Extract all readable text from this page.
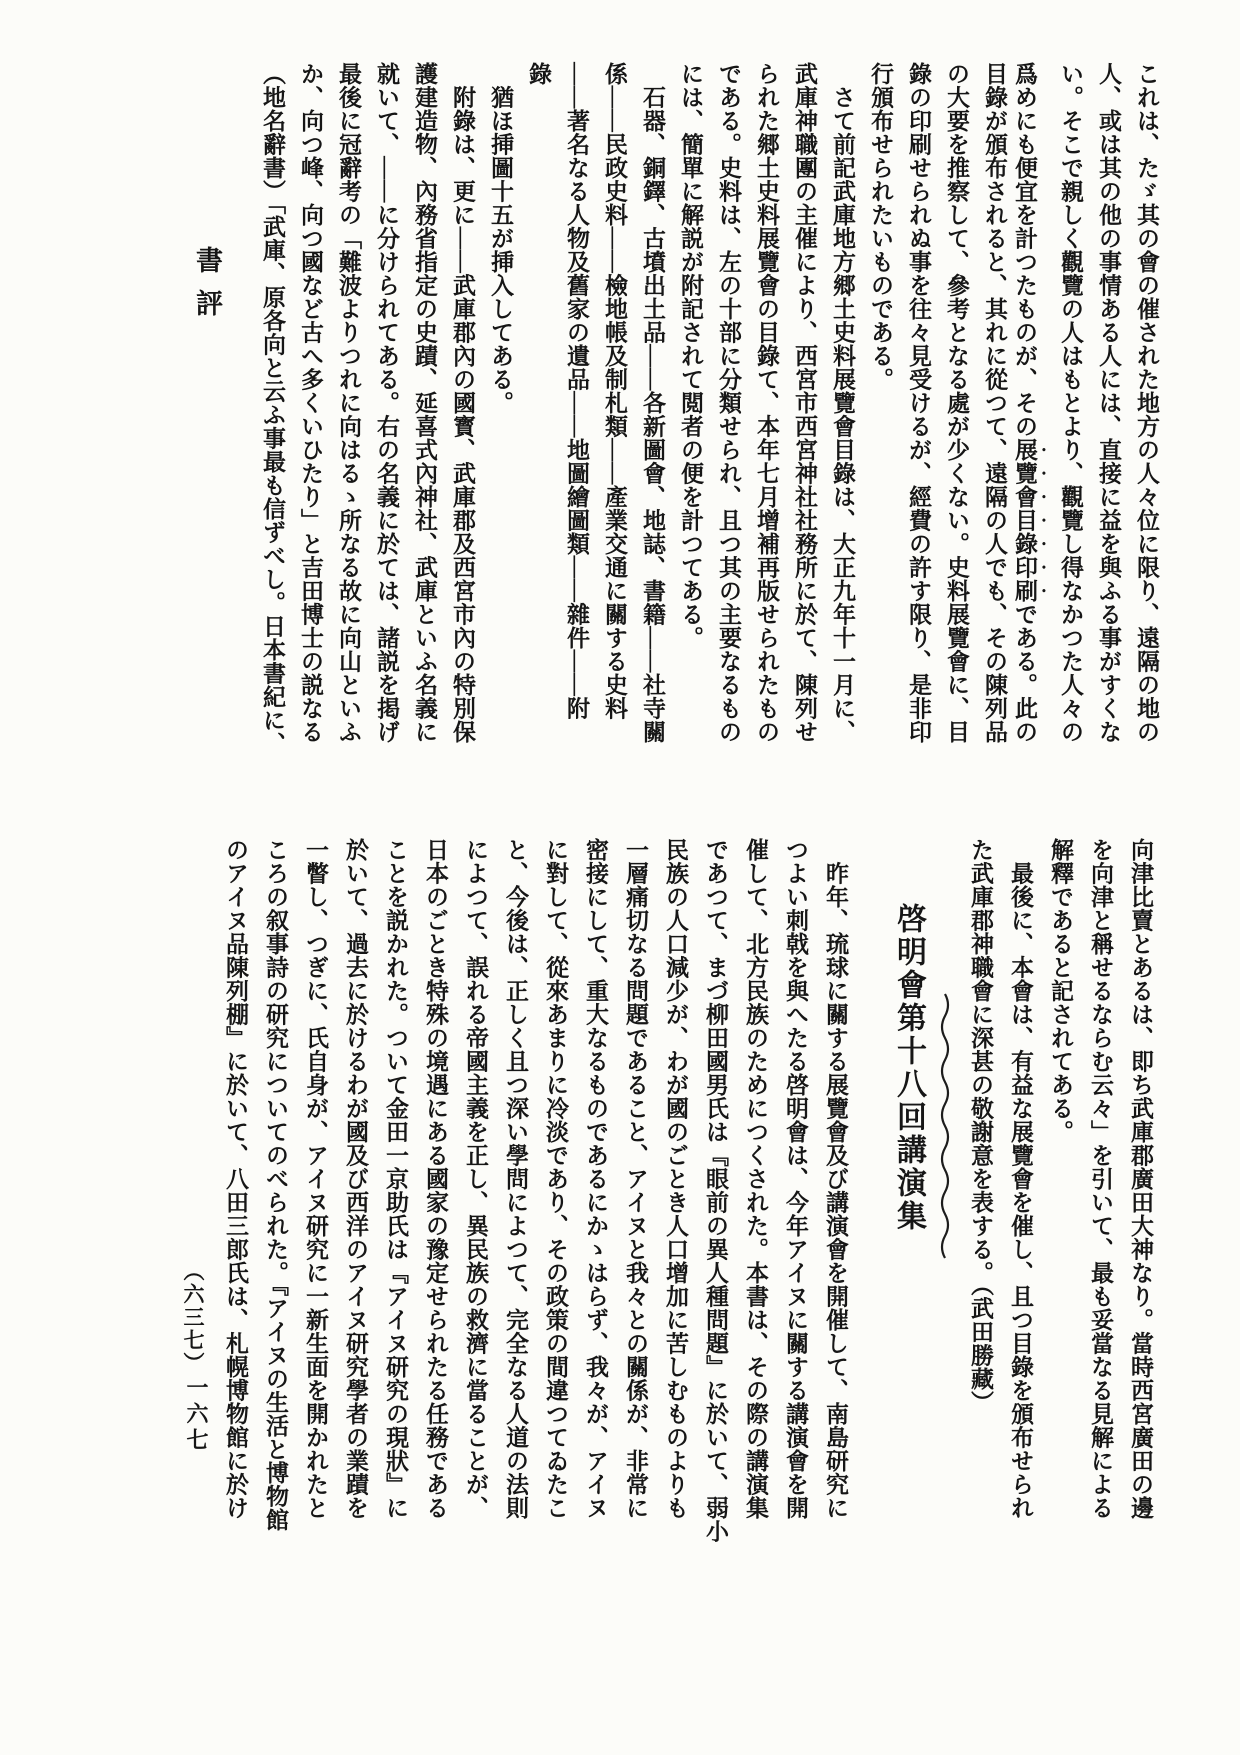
書評	これは、たゞ其の會の催された地方の人々位に限り、遠隔の地の
人、或は其の他の事情ある人には、直接に益を與ふる事がすくな
い。そこで親しく觀覽の人はもとより、觀覽し得なかつた人々の
爲めにも便宜を計つたものが、その展覽會目錄印刷である。此の
目錄が頒布されると、其れに從つて、遠隔の人でも、その陳列品
の大要を推察して、參考となる處が少くない。史料展覽會に、目
錄の印刷せられぬ事を往々見受けるが、經費の許す限り、是非印
行頒布せられたいものである。
　さて前記武庫地方郷土史料展覽會目錄は、大正九年十一月に、
武庫神職團の主催により、西宮市西宮神社社務所に於て、陳列せ
られた郷土史料展覽會の目錄て、本年七月增補再版せられたもの
である。史料は、左の十部に分類せられ、且つ其の主要なるもの
には、簡單に解説が附記されて閲者の便を計つてある。
　石器、銅鐸、古墳出土品――各新圖會、地誌、書籍――社寺關
係――民政史料――檢地帳及制札類――產業交通に關する史料
――著名なる人物及舊家の遺品――地圖繪圖類――雜件――附
錄
　猶ほ挿圖十五が挿入してある。
　附錄は、更に――武庫郡內の國寳、武庫郡及西宮市內の特別保
護建造物、內務省指定の史蹟、延喜式內神社、武庫といふ名義に
就いて、――に分けられてある。右の名義に於ては、諸説を掲げ
最後に冠辭考の「難波よりつれに向はるゝ所なる故に向山といふ
か、向つ峰、向つ國など古へ多くいひたり」と吉田博士の説なる
（地名辭書）「武庫、原各向と云ふ事最も信ずべし。日本書紀に、
向津比賣とあるは、即ち武庫郡廣田大神なり。當時西宮廣田の邊
を向津と稱せるならむ云々」を引いて、最も妥當なる見解による
解釋であると記されてある。
　最後に、本會は、有益な展覽會を催し、且つ目錄を頒布せられ
た武庫郡神職會に深甚の敬謝意を表する。（武田勝藏）
啓明會第十八回講演集
　昨年、琉球に關する展覽會及び講演會を開催して、南島研究に
つよい刺戟を與へたる啓明會は、今年アイヌに關する講演會を開
催して、北方民族のためにつくされた。本書は、その際の講演集
であつて、まづ柳田國男氏は『眼前の異人種問題』に於いて、弱小
民族の人口減少が、わが國のごとき人口增加に苦しむものよりも
一層痛切なる問題であること、アイヌと我々との關係が、非常に
密接にして、重大なるものであるにかゝはらず、我々が、アイヌ
に對して、從來あまりに冷淡であり、その政策の間違つてゐたこ
と、今後は、正しく且つ深い學問によつて、完全なる人道の法則
によつて、誤れる帝國主義を正し、異民族の救濟に當ることが、
日本のごとき特殊の境遇にある國家の豫定せられたる任務である
ことを説かれた。ついて金田一京助氏は『アイヌ研究の現狀』に
於いて、過去に於けるわが國及び西洋のアイヌ研究學者の業蹟を
一瞥し、つぎに、氏自身が、アイヌ研究に一新生面を開かれたと
ころの叙事詩の研究についてのべられた。『アイヌの生活と博物館
のアイヌ品陳列棚』に於いて、八田三郎氏は、札幌博物館に於け
（六三七）
一六七
